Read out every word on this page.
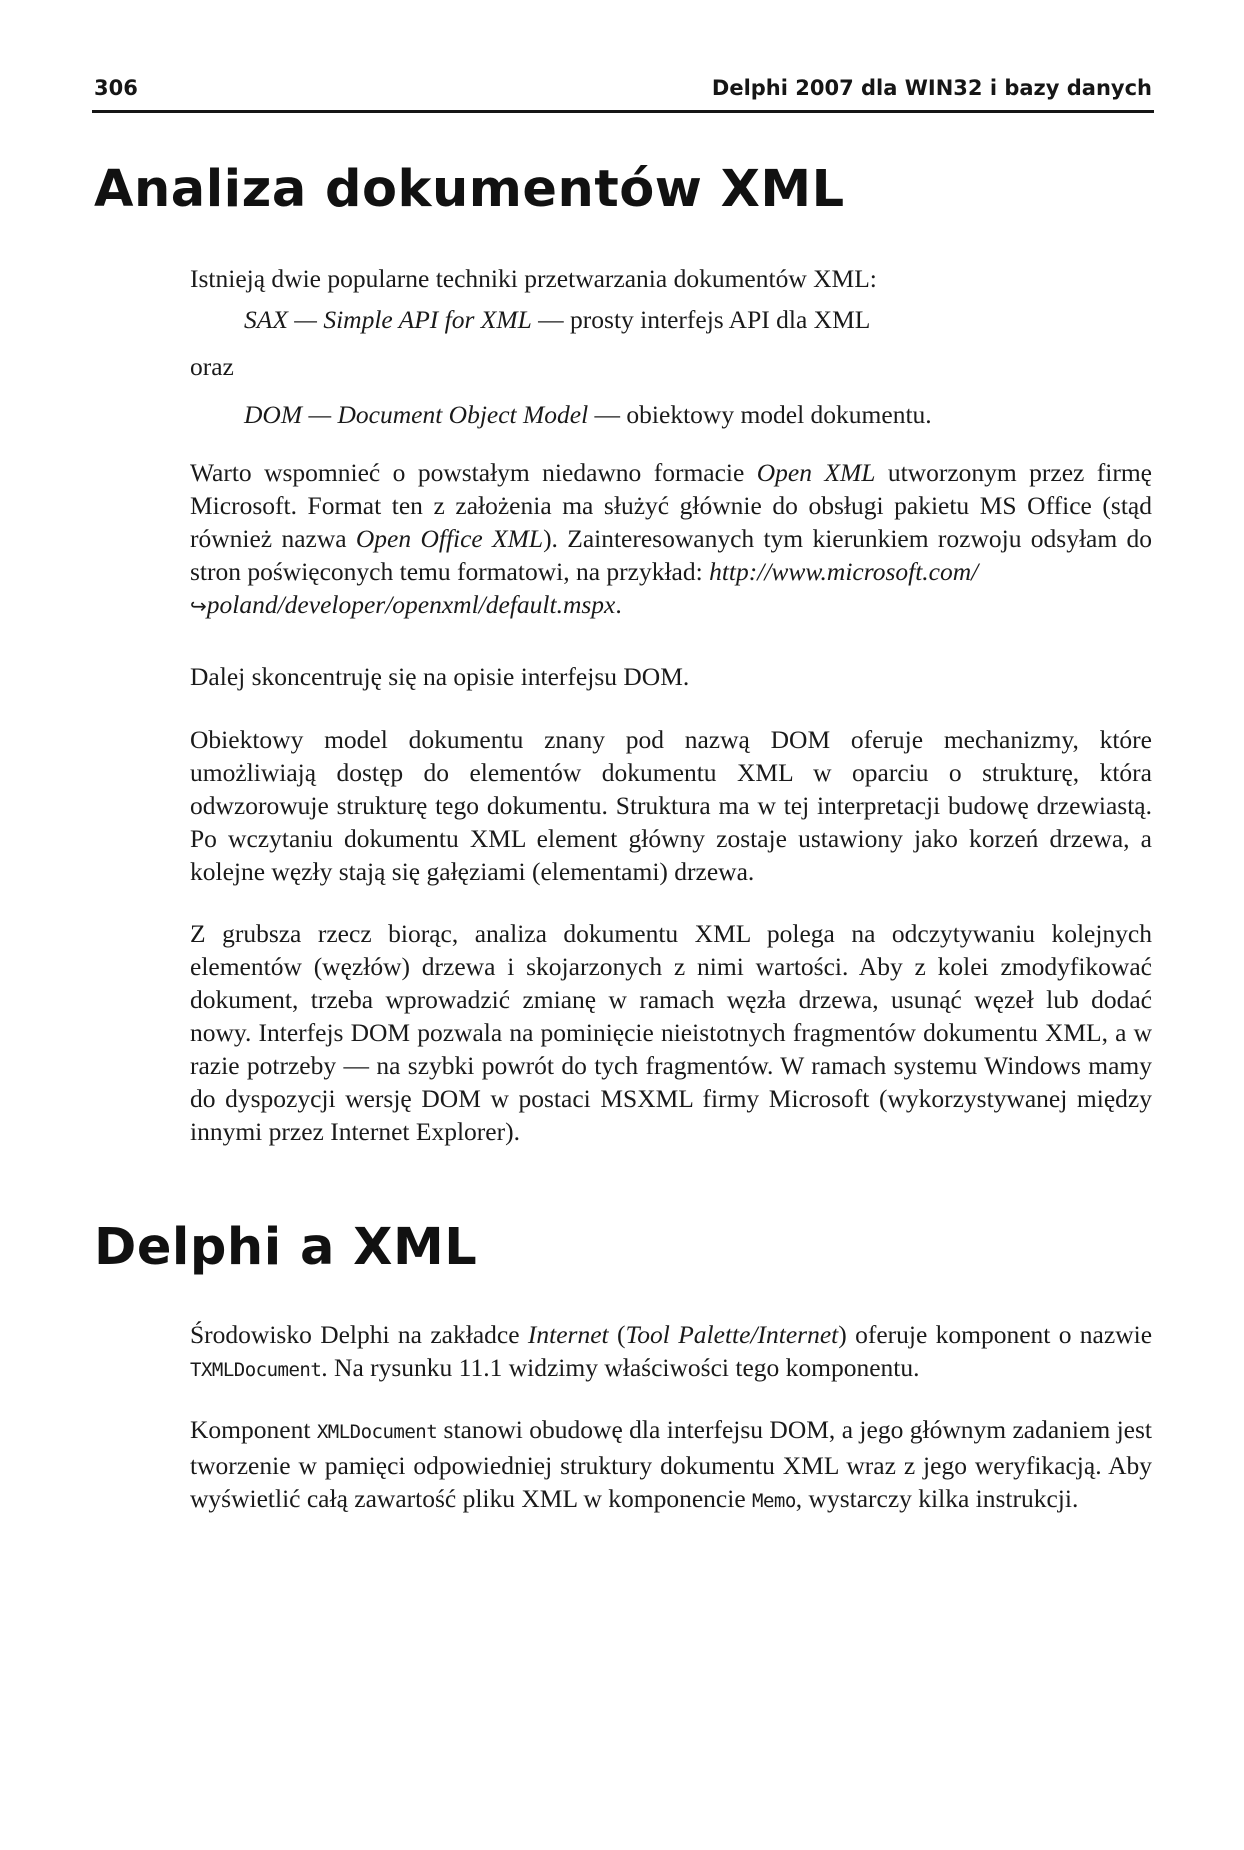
306	Delphi 2007 dla WIN32 i bazy danych
Analiza dokumentów XML

Istnieją dwie popularne techniki przetwarzania dokumentów XML:

SAX — Simple API for XML — prosty interfejs API dla XML

oraz

DOM — Document Object Model — obiektowy model dokumentu.

Warto wspomnieć o powstałym niedawno formacie Open XML utworzonym przez firmę Microsoft. Format ten z założenia ma służyć głównie do obsługi pakietu MS Office (stąd również nazwa Open Office XML). Zainteresowanych tym kierunkiem rozwoju odsyłam do stron poświęconych temu formatowi, na przykład: http://www.microsoft.com/
↪poland/developer/openxml/default.mspx.

Dalej skoncentruję się na opisie interfejsu DOM.

Obiektowy model dokumentu znany pod nazwą DOM oferuje mechanizmy, które umożliwiają dostęp do elementów dokumentu XML w oparciu o strukturę, która odwzorowuje strukturę tego dokumentu. Struktura ma w tej interpretacji budowę drzewiastą. Po wczytaniu dokumentu XML element główny zostaje ustawiony jako korzeń drzewa, a kolejne węzły stają się gałęziami (elementami) drzewa.

Z grubsza rzecz biorąc, analiza dokumentu XML polega na odczytywaniu kolejnych elementów (węzłów) drzewa i skojarzonych z nimi wartości. Aby z kolei zmodyfikować dokument, trzeba wprowadzić zmianę w ramach węzła drzewa, usunąć węzeł lub dodać nowy. Interfejs DOM pozwala na pominięcie nieistotnych fragmentów dokumentu XML, a w razie potrzeby — na szybki powrót do tych fragmentów. W ramach systemu Windows mamy do dyspozycji wersję DOM w postaci MSXML firmy Microsoft (wykorzystywanej między innymi przez Internet Explorer).

Delphi a XML

Środowisko Delphi na zakładce Internet (Tool Palette/Internet) oferuje komponent o nazwie TXMLDocument. Na rysunku 11.1 widzimy właściwości tego komponentu.

Komponent XMLDocument stanowi obudowę dla interfejsu DOM, a jego głównym zadaniem jest tworzenie w pamięci odpowiedniej struktury dokumentu XML wraz z jego weryfikacją. Aby wyświetlić całą zawartość pliku XML w komponencie Memo, wystarczy kilka instrukcji.
